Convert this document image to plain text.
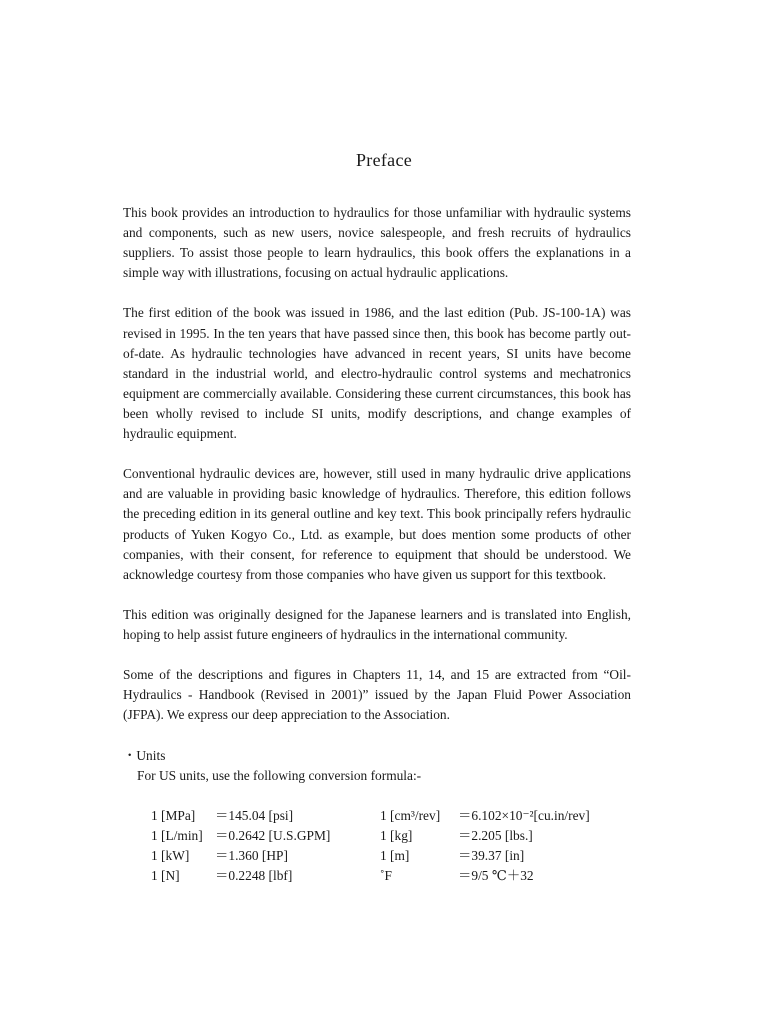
Preface

This book provides an introduction to hydraulics for those unfamiliar with hydraulic systems and components, such as new users, novice salespeople, and fresh recruits of hydraulics suppliers. To assist those people to learn hydraulics, this book offers the explanations in a simple way with illustrations, focusing on actual hydraulic applications.

The first edition of the book was issued in 1986, and the last edition (Pub. JS-100-1A) was revised in 1995. In the ten years that have passed since then, this book has become partly out-of-date. As hydraulic technologies have advanced in recent years, SI units have become standard in the industrial world, and electro-hydraulic control systems and mechatronics equipment are commercially available. Considering these current circumstances, this book has been wholly revised to include SI units, modify descriptions, and change examples of hydraulic equipment.

Conventional hydraulic devices are, however, still used in many hydraulic drive applications and are valuable in providing basic knowledge of hydraulics. Therefore, this edition follows the preceding edition in its general outline and key text. This book principally refers hydraulic products of Yuken Kogyo Co., Ltd. as example, but does mention some products of other companies, with their consent, for reference to equipment that should be understood. We acknowledge courtesy from those companies who have given us support for this textbook.

This edition was originally designed for the Japanese learners and is translated into English, hoping to help assist future engineers of hydraulics in the international community.

Some of the descriptions and figures in Chapters 11, 14, and 15 are extracted from “Oil-Hydraulics - Handbook (Revised in 2001)” issued by the Japan Fluid Power Association (JFPA). We express our deep appreciation to the Association.

・Units
For US units, use the following conversion formula:-
1 [MPa]	＝145.04 [psi]	1 [cm³/rev]	＝6.102×10⁻²[cu.in/rev]
1 [L/min] ＝0.2642 [U.S.GPM]	1 [kg]	＝2.205 [lbs.]
1 [kW]	＝1.360 [HP]	1 [m]	＝39.37 [in]
1 [N]	＝0.2248 [lbf]	˚F	＝9/5 ℃＋32
